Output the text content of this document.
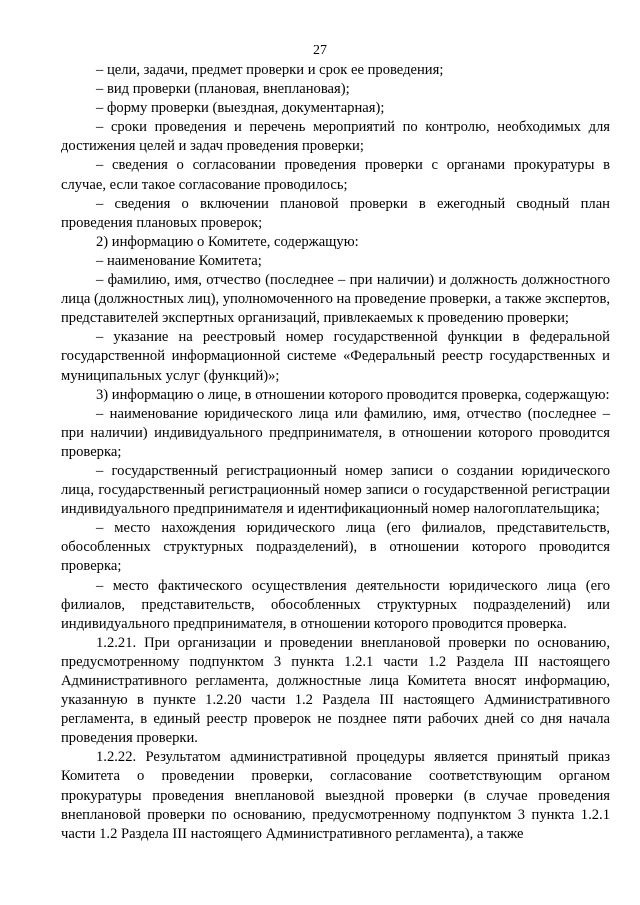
27

– цели, задачи, предмет проверки и срок ее проведения;

– вид проверки (плановая, внеплановая);

– форму проверки (выездная, документарная);

– сроки проведения и перечень мероприятий по контролю, необходимых для достижения целей и задач проведения проверки;

– сведения о согласовании проведения проверки с органами прокуратуры в случае, если такое согласование проводилось;

– сведения о включении плановой проверки в ежегодный сводный план проведения плановых проверок;

2) информацию о Комитете, содержащую:

– наименование Комитета;

– фамилию, имя, отчество (последнее – при наличии) и должность должностного лица (должностных лиц), уполномоченного на проведение проверки, а также экспертов, представителей экспертных организаций, привлекаемых к проведению проверки;

– указание на реестровый номер государственной функции в федеральной государственной информационной системе «Федеральный реестр государственных и муниципальных услуг (функций)»;

3) информацию о лице, в отношении которого проводится проверка, содержащую:

– наименование юридического лица или фамилию, имя, отчество (последнее – при наличии) индивидуального предпринимателя, в отношении которого проводится проверка;

– государственный регистрационный номер записи о создании юридического лица, государственный регистрационный номер записи о государственной регистрации индивидуального предпринимателя и идентификационный номер налогоплательщика;

– место нахождения юридического лица (его филиалов, представительств, обособленных структурных подразделений), в отношении которого проводится проверка;

– место фактического осуществления деятельности юридического лица (его филиалов, представительств, обособленных структурных подразделений) или индивидуального предпринимателя, в отношении которого проводится проверка.

1.2.21. При организации и проведении внеплановой проверки по основанию, предусмотренному подпунктом 3 пункта 1.2.1 части 1.2 Раздела III настоящего Административного регламента, должностные лица Комитета вносят информацию, указанную в пункте 1.2.20 части 1.2 Раздела III настоящего Административного регламента, в единый реестр проверок не позднее пяти рабочих дней со дня начала проведения проверки.

1.2.22. Результатом административной процедуры является принятый приказ Комитета о проведении проверки, согласование соответствующим органом прокуратуры проведения внеплановой выездной проверки (в случае проведения внеплановой проверки по основанию, предусмотренному подпунктом 3 пункта 1.2.1 части 1.2 Раздела III настоящего Административного регламента), а также
